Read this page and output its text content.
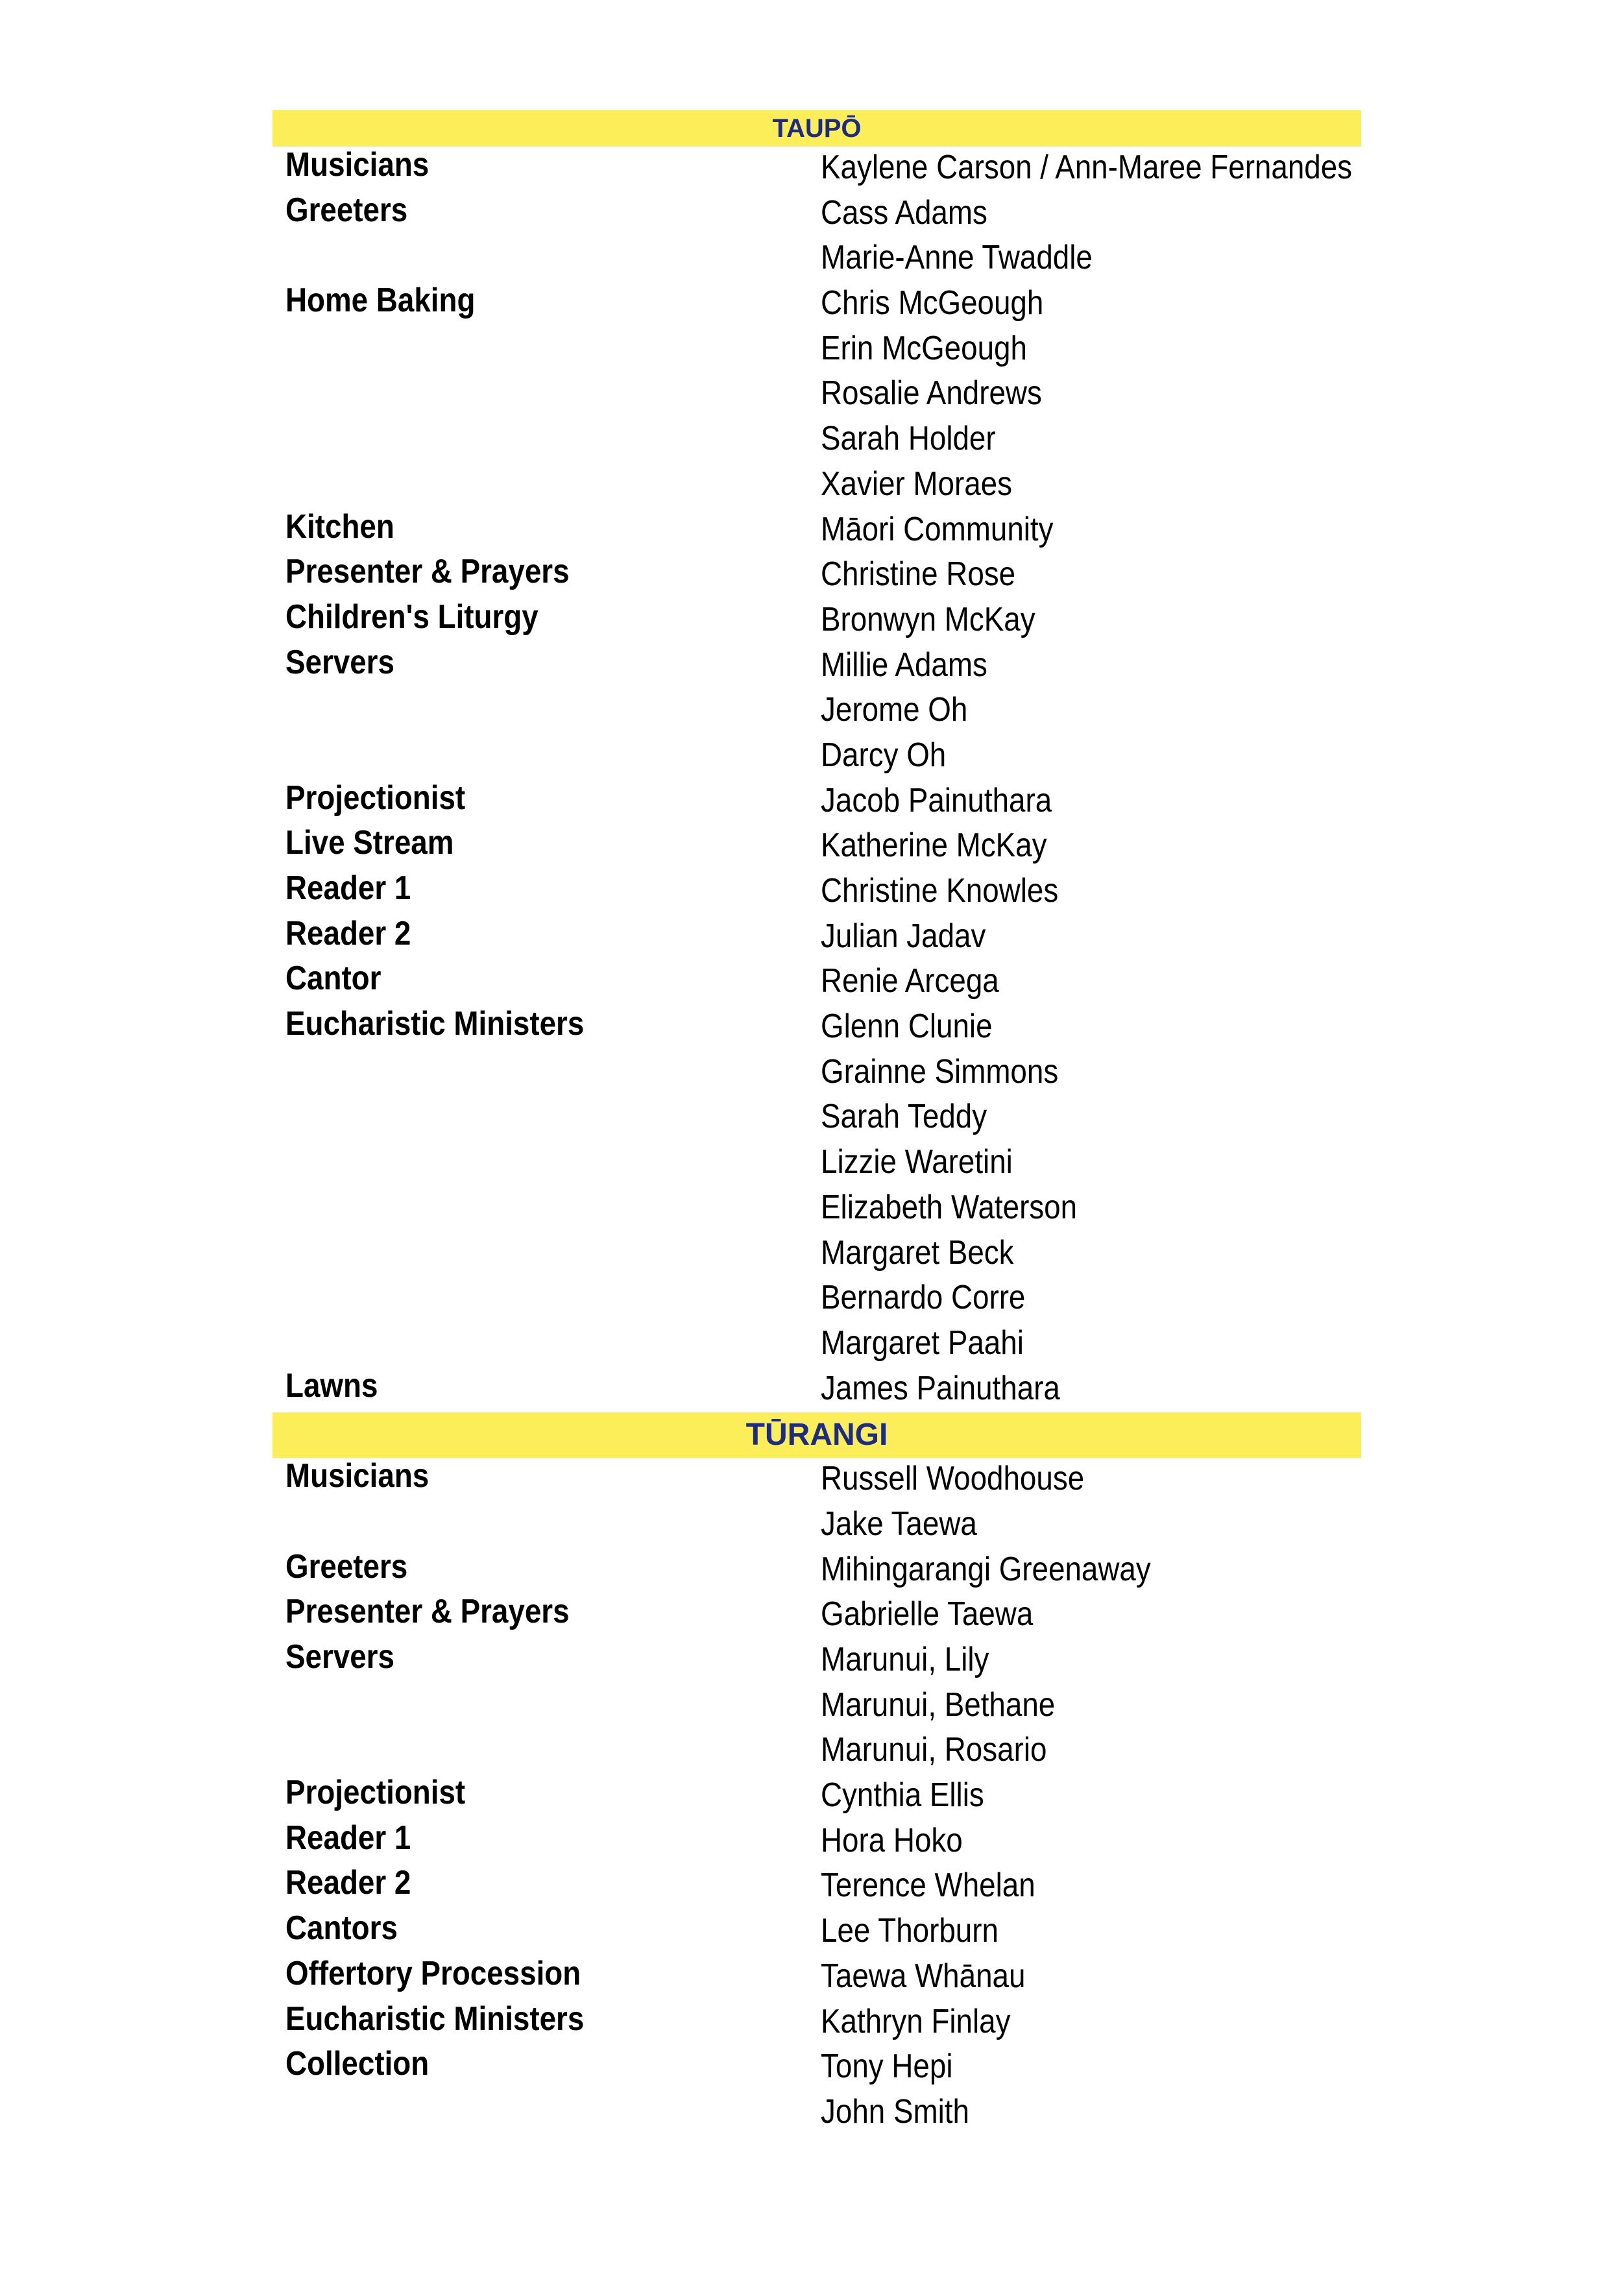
TAUPŌ
Musicians	Kaylene Carson / Ann-Maree Fernandes
Greeters	Cass Adams
Marie-Anne Twaddle
Home Baking	Chris McGeough
Erin McGeough
Rosalie Andrews
Sarah Holder
Xavier Moraes
Kitchen	Māori Community
Presenter & Prayers	Christine Rose
Children's Liturgy	Bronwyn McKay
Servers	Millie Adams
Jerome Oh
Darcy Oh
Projectionist	Jacob Painuthara
Live Stream	Katherine McKay
Reader 1	Christine Knowles
Reader 2	Julian Jadav
Cantor	Renie Arcega
Eucharistic Ministers	Glenn Clunie
Grainne Simmons
Sarah Teddy
Lizzie Waretini
Elizabeth Waterson
Margaret Beck
Bernardo Corre
Margaret Paahi
Lawns	James Painuthara
TŪRANGI
Musicians	Russell Woodhouse
Jake Taewa
Greeters	Mihingarangi Greenaway
Presenter & Prayers	Gabrielle Taewa
Servers	Marunui, Lily
Marunui, Bethane
Marunui, Rosario
Projectionist	Cynthia Ellis
Reader 1	Hora Hoko
Reader 2	Terence Whelan
Cantors	Lee Thorburn
Offertory Procession	Taewa Whānau
Eucharistic Ministers	Kathryn Finlay
Collection	Tony Hepi
John Smith
